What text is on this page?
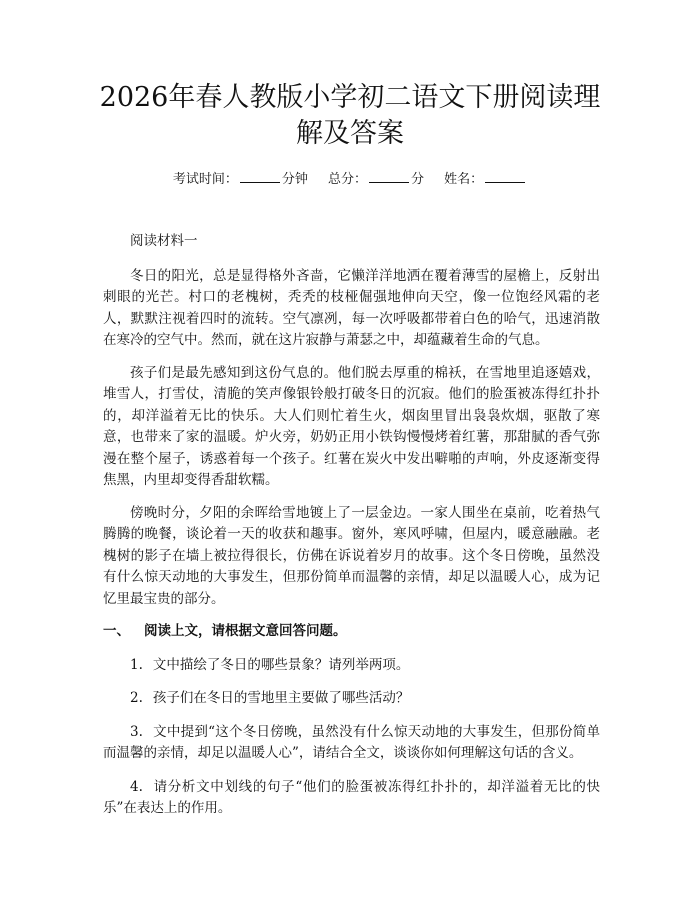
2026年春人教版小学初二语文下册阅读理解及答案
考试时间：	分钟 总分：	分 姓名：

阅读材料一

冬日的阳光，总是显得格外吝啬，它懒洋洋地洒在覆着薄雪的屋檐上，反射出刺眼的光芒。村口的老槐树，秃秃的枝桠倔强地伸向天空，像一位饱经风霜的老人，默默注视着四时的流转。空气凛冽，每一次呼吸都带着白色的哈气，迅速消散在寒冷的空气中。然而，就在这片寂静与萧瑟之中，却蕴藏着生命的气息。

孩子们是最先感知到这份气息的。他们脱去厚重的棉袄，在雪地里追逐嬉戏，堆雪人，打雪仗，清脆的笑声像银铃般打破冬日的沉寂。他们的脸蛋被冻得红扑扑的，却洋溢着无比的快乐。大人们则忙着生火，烟囱里冒出袅袅炊烟，驱散了寒意，也带来了家的温暖。炉火旁，奶奶正用小铁钩慢慢烤着红薯，那甜腻的香气弥漫在整个屋子，诱惑着每一个孩子。红薯在炭火中发出噼啪的声响，外皮逐渐变得焦黑，内里却变得香甜软糯。

傍晚时分，夕阳的余晖给雪地镀上了一层金边。一家人围坐在桌前，吃着热气腾腾的晚餐，谈论着一天的收获和趣事。窗外，寒风呼啸，但屋内，暖意融融。老槐树的影子在墙上被拉得很长，仿佛在诉说着岁月的故事。这个冬日傍晚，虽然没有什么惊天动地的大事发生，但那份简单而温馨的亲情，却足以温暖人心，成为记忆里最宝贵的部分。

一、 阅读上文，请根据文意回答问题。

1. 文中描绘了冬日的哪些景象？请列举两项。

2. 孩子们在冬日的雪地里主要做了哪些活动？

3. 文中提到“这个冬日傍晚，虽然没有什么惊天动地的大事发生，但那份简单而温馨的亲情，却足以温暖人心”，请结合全文，谈谈你如何理解这句话的含义。

4. 请分析文中划线的句子“他们的脸蛋被冻得红扑扑的，却洋溢着无比的快乐”在表达上的作用。
